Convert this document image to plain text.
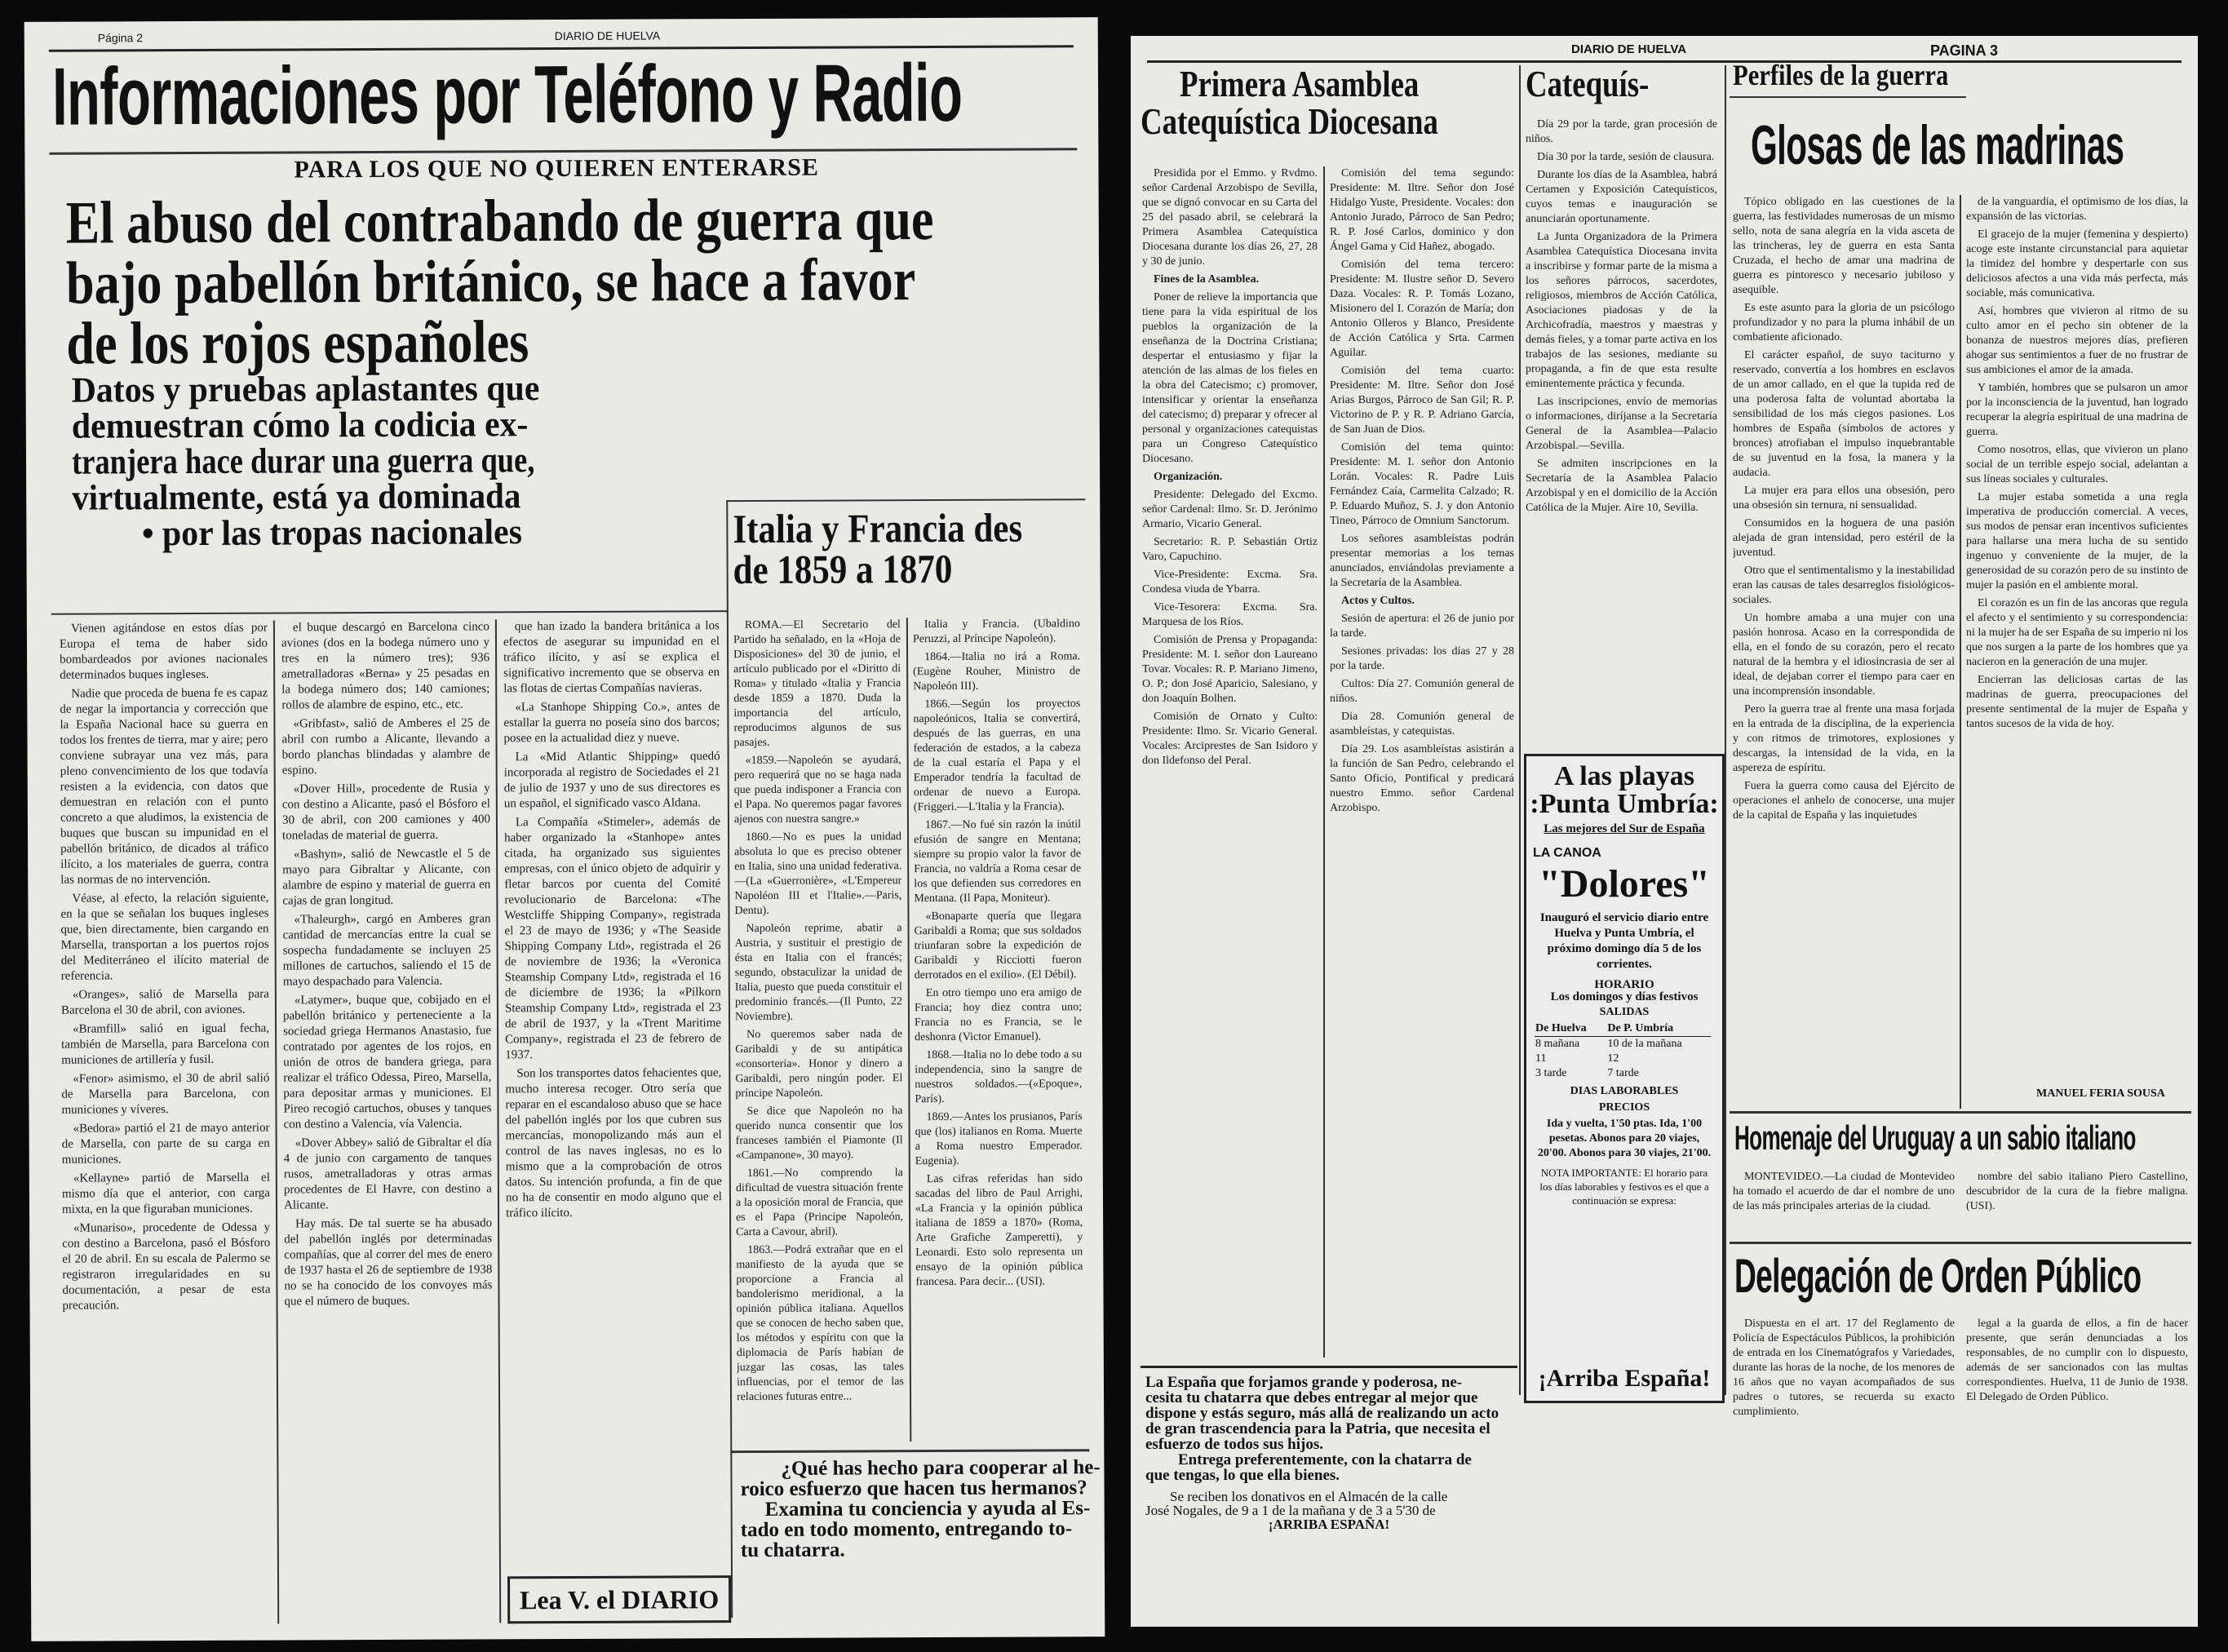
Página 2	DIARIO DE HUELVA
Informaciones por Teléfono y Radio
PARA LOS QUE NO QUIEREN ENTERARSE
El abuso del contrabando de guerra que
bajo pabellón británico, se hace a favor
de los rojos españoles
Datos y pruebas aplastantes que
demuestran cómo la codicia ex-
tranjera hace durar una guerra que,
virtualmente, está ya dominada
• por las tropas nacionales

Vienen agitándose en estos días por Europa el tema de haber sido bombardeados por aviones nacionales determinados buques ingleses.

Nadie que proceda de buena fe es capaz de negar la importancia y corrección que la España Nacional hace su guerra en todos los frentes de tierra, mar y aire; pero conviene subrayar una vez más, para pleno convencimiento de los que todavía resisten a la evidencia, con datos que demuestran en relación con el punto concreto a que aludimos, la existencia de buques que buscan su impunidad en el pabellón británico, de dicados al tráfico ilícito, a los materiales de guerra, contra las normas de no intervención.

Véase, al efecto, la relación siguiente, en la que se señalan los buques ingleses que, bien directamente, bien cargando en Marsella, transportan a los puertos rojos del Mediterráneo el ilícito material de referencia.

«Oranges», salió de Marsella para Barcelona el 30 de abril, con aviones.

«Bramfill» salió en igual fecha, también de Marsella, para Barcelona con municiones de artillería y fusil.

«Fenor» asimismo, el 30 de abril salió de Marsella para Barcelona, con municiones y víveres.

«Bedora» partió el 21 de mayo anterior de Marsella, con parte de su carga en municiones.

«Kellayne» partió de Marsella el mismo día que el anterior, con carga mixta, en la que figuraban municiones.

«Munariso», procedente de Odessa y con destino a Barcelona, pasó el Bósforo el 20 de abril. En su escala de Palermo se registraron irregularidades en su documentación, a pesar de esta precaución.

el buque descargó en Barcelona cinco aviones (dos en la bodega número uno y tres en la número tres); 936 ametralladoras «Berna» y 25 pesadas en la bodega número dos; 140 camiones; rollos de alambre de espino, etc., etc.

«Gribfast», salió de Amberes el 25 de abril con rumbo a Alicante, llevando a bordo planchas blindadas y alambre de espino.

«Dover Hill», procedente de Rusia y con destino a Alicante, pasó el Bósforo el 30 de abril, con 200 camiones y 400 toneladas de material de guerra.

«Bashyn», salió de Newcastle el 5 de mayo para Gibraltar y Alicante, con alambre de espino y material de guerra en cajas de gran longitud.

«Thaleurgh», cargó en Amberes gran cantidad de mercancías entre la cual se sospecha fundadamente se incluyen 25 millones de cartuchos, saliendo el 15 de mayo despachado para Valencia.

«Latymer», buque que, cobijado en el pabellón británico y perteneciente a la sociedad griega Hermanos Anastasio, fue contratado por agentes de los rojos, en unión de otros de bandera griega, para realizar el tráfico Odessa, Pireo, Marsella, para depositar armas y municiones. El Pireo recogió cartuchos, obuses y tanques con destino a Valencia, vía Valencia.

«Dover Abbey» salió de Gibraltar el día 4 de junio con cargamento de tanques rusos, ametralladoras y otras armas procedentes de El Havre, con destino a Alicante.

Hay más. De tal suerte se ha abusado del pabellón inglés por determinadas compañías, que al correr del mes de enero de 1937 hasta el 26 de septiembre de 1938 no se ha conocido de los convoyes más que el número de buques.

que han izado la bandera británica a los efectos de asegurar su impunidad en el tráfico ilícito, y así se explica el significativo incremento que se observa en las flotas de ciertas Compañías navieras.

«La Stanhope Shipping Co.», antes de estallar la guerra no poseía sino dos barcos; posee en la actualidad diez y nueve.

La «Mid Atlantic Shipping» quedó incorporada al registro de Sociedades el 21 de julio de 1937 y uno de sus directores es un español, el significado vasco Aldana.

La Compañía «Stimeler», además de haber organizado la «Stanhope» antes citada, ha organizado sus siguientes empresas, con el único objeto de adquirir y fletar barcos por cuenta del Comité revolucionario de Barcelona: «The Westcliffe Shipping Company», registrada el 23 de mayo de 1936; y «The Seaside Shipping Company Ltd», registrada el 26 de noviembre de 1936; la «Veronica Steamship Company Ltd», registrada el 16 de diciembre de 1936; la «Pilkorn Steamship Company Ltd», registrada el 23 de abril de 1937, y la «Trent Maritime Company», registrada el 23 de febrero de 1937.

Son los transportes datos fehacientes que, mucho interesa recoger. Otro sería que reparar en el escandaloso abuso que se hace del pabellón inglés por los que cubren sus mercancías, monopolizando más aun el control de las naves inglesas, no es lo mismo que a la comprobación de otros datos. Su intención profunda, a fin de que no ha de consentir en modo alguno que el tráfico ilícito.

Lea V. el DIARIO
Italia y Francia des
de 1859 a 1870

ROMA.—El Secretario del Partido ha señalado, en la «Hoja de Disposiciones» del 30 de junio, el artículo publicado por el «Diritto di Roma» y titulado «Italia y Francia desde 1859 a 1870. Duda la importancia del artículo, reproducimos algunos de sus pasajes.

«1859.—Napoleón se ayudará, pero requerirá que no se haga nada que pueda indisponer a Francia con el Papa. No queremos pagar favores ajenos con nuestra sangre.»

1860.—No es pues la unidad absoluta lo que es preciso obtener en Italia, sino una unidad federativa.—(La «Guerronière», «L'Empereur Napoléon III et l'Italie».—Paris, Dentu).

Napoleón reprime, abatir a Austria, y sustituir el prestigio de ésta en Italia con el francés; segundo, obstaculizar la unidad de Italia, puesto que pueda constituir el predominio francés.—(Il Punto, 22 Noviembre).

No queremos saber nada de Garibaldi y de su antipática «consorteria». Honor y dinero a Garibaldi, pero ningún poder. El príncipe Napoleón.

Se dice que Napoleón no ha querido nunca consentir que los franceses también el Piamonte (Il «Campanone», 30 mayo).

1861.—No comprendo la dificultad de vuestra situación frente a la oposición moral de Francia, que es el Papa (Principe Napoleón, Carta a Cavour, abril).

1863.—Podrá extrañar que en el manifiesto de la ayuda que se proporcione a Francia al bandolerismo meridional, a la opinión pública italiana. Aquellos que se conocen de hecho saben que, los métodos y espíritu con que la diplomacia de París habían de juzgar las cosas, las tales influencias, por el temor de las relaciones futuras entre...

Italia y Francia. (Ubaldino Peruzzi, al Príncipe Napoleón).

1864.—Italia no irá a Roma. (Eugène Rouher, Ministro de Napoleón III).

1866.—Según los proyectos napoleónicos, Italia se convertirá, después de las guerras, en una federación de estados, a la cabeza de la cual estaría el Papa y el Emperador tendría la facultad de ordenar de nuevo a Europa. (Friggeri.—L'Italia y la Francia).

1867.—No fué sin razón la inútil efusión de sangre en Mentana; siempre su propio valor la favor de Francia, no valdría a Roma cesar de los que defienden sus corredores en Mentana. (Il Papa, Moniteur).

«Bonaparte quería que llegara Garibaldi a Roma; que sus soldados triunfaran sobre la expedición de Garibaldi y Ricciotti fueron derrotados en el exilio». (El Débil).

En otro tiempo uno era amigo de Francia; hoy diez contra uno; Francia no es Francia, se le deshonra (Victor Emanuel).

1868.—Italia no lo debe todo a su independencia, sino la sangre de nuestros soldados.—(«Epoque», París).

1869.—Antes los prusianos, París que (los) italianos en Roma. Muerte a Roma nuestro Emperador. Eugenia).

Las cifras referidas han sido sacadas del libro de Paul Arrighi, «La Francia y la opinión pública italiana de 1859 a 1870» (Roma, Arte Grafiche Zamperetti), y Leonardi. Esto solo representa un ensayo de la opinión pública francesa. Para decir... (USI).

¿Qué has hecho para cooperar al he-
roico esfuerzo que hacen tus hermanos?
Examina tu conciencia y ayuda al Es-
tado en todo momento, entregando to-
tu chatarra.
DIARIO DE HUELVA	PAGINA 3
Primera Asamblea
Catequística Diocesana

Presidida por el Emmo. y Rvdmo. señor Cardenal Arzobispo de Sevilla, que se dignó convocar en su Carta del 25 del pasado abril, se celebrará la Primera Asamblea Catequística Diocesana durante los días 26, 27, 28 y 30 de junio.

Fines de la Asamblea.

Poner de relieve la importancia que tiene para la vida espiritual de los pueblos la organización de la enseñanza de la Doctrina Cristiana; despertar el entusiasmo y fijar la atención de las almas de los fieles en la obra del Catecismo; c) promover, intensificar y orientar la enseñanza del catecismo; d) preparar y ofrecer al personal y organizaciones catequistas para un Congreso Catequístico Diocesano.

Organización.

Presidente: Delegado del Excmo. señor Cardenal: Ilmo. Sr. D. Jerónimo Armario, Vicario General.

Secretario: R. P. Sebastián Ortiz Varo, Capuchino.

Vice-Presidente: Excma. Sra. Condesa viuda de Ybarra.

Vice-Tesorera: Excma. Sra. Marquesa de los Ríos.

Comisión de Prensa y Propaganda: Presidente: M. I. señor don Laureano Tovar. Vocales: R. P. Mariano Jimeno, O. P.; don José Aparicio, Salesiano, y don Joaquín Bolhen.

Comisión de Ornato y Culto: Presidente: Ilmo. Sr. Vicario General. Vocales: Arciprestes de San Isidoro y don Ildefonso del Peral.

Comisión del tema segundo: Presidente: M. Iltre. Señor don José Hidalgo Yuste, Presidente. Vocales: don Antonio Jurado, Párroco de San Pedro; R. P. José Carlos, dominico y don Ángel Gama y Cid Hañez, abogado.

Comisión del tema tercero: Presidente: M. Ilustre señor D. Severo Daza. Vocales: R. P. Tomás Lozano, Misionero del I. Corazón de María; don Antonio Olleros y Blanco, Presidente de Acción Católica y Srta. Carmen Aguilar.

Comisión del tema cuarto: Presidente: M. Iltre. Señor don José Arias Burgos, Párroco de San Gil; R. P. Victorino de P. y R. P. Adriano García, de San Juan de Dios.

Comisión del tema quinto: Presidente: M. I. señor don Antonio Lorán. Vocales: R. Padre Luis Fernández Caía, Carmelita Calzado; R. P. Eduardo Muñoz, S. J. y don Antonio Tineo, Párroco de Omnium Sanctorum.

Los señores asambleístas podrán presentar memorias a los temas anunciados, enviándolas previamente a la Secretaría de la Asamblea.

Actos y Cultos.

Sesión de apertura: el 26 de junio por la tarde.

Sesiones privadas: los días 27 y 28 por la tarde.

Cultos: Día 27. Comunión general de niños.

Día 28. Comunión general de asambleístas, y catequistas.

Día 29. Los asambleístas asistirán a la función de San Pedro, celebrando el Santo Oficio, Pontifical y predicará nuestro Emmo. señor Cardenal Arzobispo.

Catequís-

Día 29 por la tarde, gran procesión de niños.

Día 30 por la tarde, sesión de clausura.

Durante los días de la Asamblea, habrá Certamen y Exposición Catequísticos, cuyos temas e inauguración se anunciarán oportunamente.

La Junta Organizadora de la Primera Asamblea Catequística Diocesana invita a inscribirse y formar parte de la misma a los señores párrocos, sacerdotes, religiosos, miembros de Acción Católica, Asociaciones piadosas y de la Archicofradía, maestros y maestras y demás fieles, y a tomar parte activa en los trabajos de las sesiones, mediante su propaganda, a fin de que esta resulte eminentemente práctica y fecunda.

Las inscripciones, envío de memorias o informaciones, diríjanse a la Secretaría General de la Asamblea—Palacio Arzobispal.—Sevilla.

Se admiten inscripciones en la Secretaría de la Asamblea Palacio Arzobispal y en el domicilio de la Acción Católica de la Mujer. Aire 10, Sevilla.

A las playas
:Punta Umbría:
Las mejores del Sur de España
LA CANOA
"Dolores"
Inauguró el servicio diario entre Huelva y Punta Umbría, el próximo domingo día 5 de los corrientes.
HORARIO
Los domingos y días festivos
SALIDAS
De Huelva	De P. Umbría
8 mañana	10 de la mañana
11	12
3 tarde	7 tarde
DIAS LABORABLES
PRECIOS
Ida y vuelta, 1'50 ptas. Ida, 1'00 pesetas. Abonos para 20 viajes, 20'00. Abonos para 30 viajes, 21'00.
NOTA IMPORTANTE: El horario para los días laborables y festivos es el que a continuación se expresa:
¡Arriba España!
Perfiles de la guerra
Glosas de las madrinas

Tópico obligado en las cuestiones de la guerra, las festividades numerosas de un mismo sello, nota de sana alegría en la vida asceta de las trincheras, ley de guerra en esta Santa Cruzada, el hecho de amar una madrina de guerra es pintoresco y necesario jubiloso y asequible.

Es este asunto para la gloria de un psicólogo profundizador y no para la pluma inhábil de un combatiente aficionado.

El carácter español, de suyo taciturno y reservado, convertía a los hombres en esclavos de un amor callado, en el que la tupida red de una poderosa falta de voluntad abortaba la sensibilidad de los más ciegos pasiones. Los hombres de España (símbolos de actores y bronces) atrofiaban el impulso inquebrantable de su juventud en la fosa, la manera y la audacia.

La mujer era para ellos una obsesión, pero una obsesión sin ternura, ni sensualidad.

Consumidos en la hoguera de una pasión alejada de gran intensidad, pero estéril de la juventud.

Otro que el sentimentalismo y la inestabilidad eran las causas de tales desarreglos fisiológicos-sociales.

Un hombre amaba a una mujer con una pasión honrosa. Acaso en la correspondida de ella, en el fondo de su corazón, pero el recato natural de la hembra y el idiosincrasia de ser al ideal, de dejaban correr el tiempo para caer en una incomprensión insondable.

Pero la guerra trae al frente una masa forjada en la entrada de la disciplina, de la experiencia y con ritmos de trimotores, explosiones y descargas, la intensidad de la vida, en la aspereza de espíritu.

Fuera la guerra como causa del Ejército de operaciones el anhelo de conocerse, una mujer de la capital de España y las inquietudes

de la vanguardia, el optimismo de los días, la expansión de las victorias.

El gracejo de la mujer (femenina y despierto) acoge este instante circunstancial para aquietar la timidez del hombre y despertarle con sus deliciosos afectos a una vida más perfecta, más sociable, más comunicativa.

Así, hombres que vivieron al ritmo de su culto amor en el pecho sin obtener de la bonanza de nuestros mejores días, prefieren ahogar sus sentimientos a fuer de no frustrar de sus ambiciones el amor de la amada.

Y también, hombres que se pulsaron un amor por la inconsciencia de la juventud, han logrado recuperar la alegría espiritual de una madrina de guerra.

Como nosotros, ellas, que vivieron un plano social de un terrible espejo social, adelantan a sus líneas sociales y culturales.

La mujer estaba sometida a una regla imperativa de producción comercial. A veces, sus modos de pensar eran incentivos suficientes para hallarse una mera lucha de su sentido ingenuo y conveniente de la mujer, de la generosidad de su corazón pero de su instinto de mujer la pasión en el ambiente moral.

El corazón es un fin de las ancoras que regula el afecto y el sentimiento y su correspondencia: ni la mujer ha de ser España de su imperio ni los que nos surgen a la parte de los hombres que ya nacieron en la generación de una mujer.

Encierran las deliciosas cartas de las madrinas de guerra, preocupaciones del presente sentimental de la mujer de España y tantos sucesos de la vida de hoy.

MANUEL FERIA SOUSA
Homenaje del Uruguay a un sabio italiano

MONTEVIDEO.—La ciudad de Montevideo ha tomado el acuerdo de dar el nombre de uno de las más principales arterias de la ciudad.

nombre del sabio italiano Piero Castellino, descubridor de la cura de la fiebre maligna. (USI).

Delegación de Orden Público

Dispuesta en el art. 17 del Reglamento de Policía de Espectáculos Públicos, la prohibición de entrada en los Cinematógrafos y Variedades, durante las horas de la noche, de los menores de 16 años que no vayan acompañados de sus padres o tutores, se recuerda su exacto cumplimiento.

legal a la guarda de ellos, a fin de hacer presente, que serán denunciadas a los responsables, de no cumplir con lo dispuesto, además de ser sancionados con las multas correspondientes. Huelva, 11 de Junio de 1938. El Delegado de Orden Público.

La España que forjamos grande y poderosa, ne-
cesita tu chatarra que debes entregar al mejor que
dispone y estás seguro, más allá de realizando un acto
de gran trascendencia para la Patria, que necesita el
esfuerzo de todos sus hijos.
Entrega preferentemente, con la chatarra de
que tengas, lo que ella bienes.
Se reciben los donativos en el Almacén de la calle
José Nogales, de 9 a 1 de la mañana y de 3 a 5'30 de
¡ARRIBA ESPAÑA!
